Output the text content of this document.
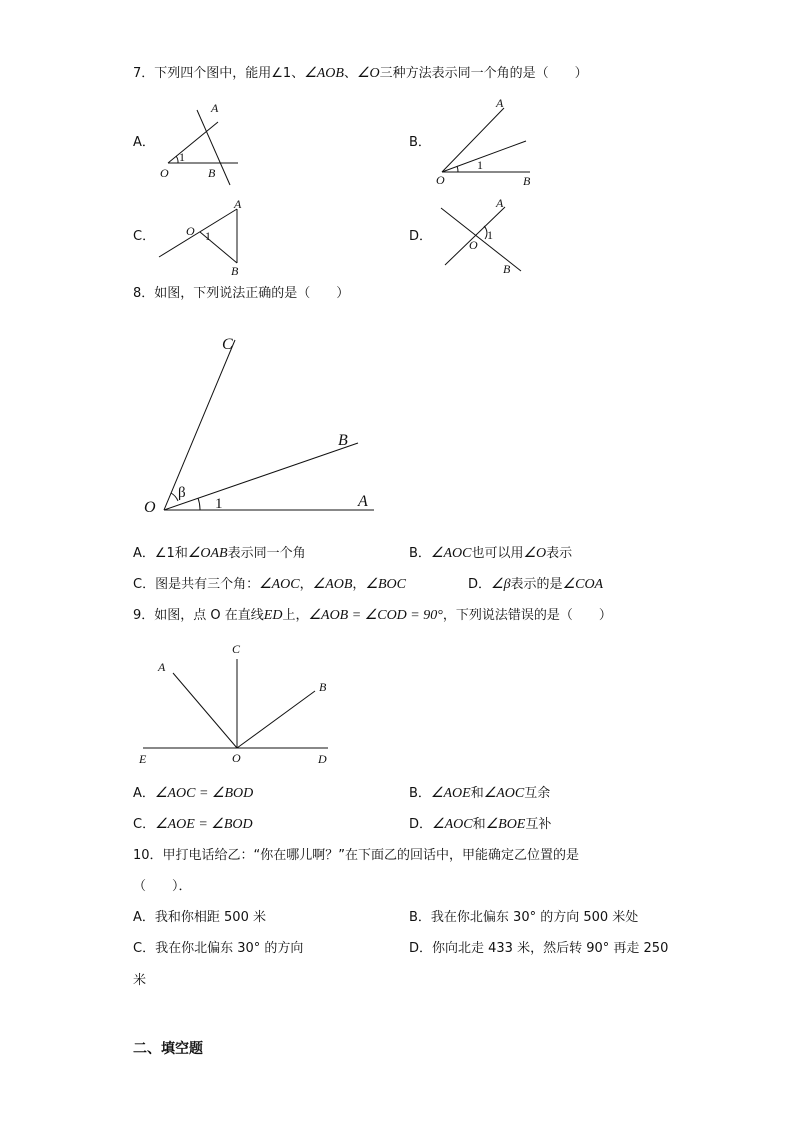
7．下列四个图中，能用∠1、∠AOB、∠O三种方法表示同一个角的是（　　）
A．
A
1
O	B
B．
A
1
O	B
C．
A
O 1
B
D．
A
1
O
B
8．如图，下列说法正确的是（　　）
C
B
O	A
β
1
A．∠1和∠OAB表示同一个角	B．∠AOC也可以用∠O表示
C．图是共有三个角：∠AOC，∠AOB，∠BOC	D．∠β表示的是∠COA
9．如图，点 O 在直线ED上，∠AOB = ∠COD = 90°，下列说法错误的是（　　）
A
C
B
E	O	D
A．∠AOC = ∠BOD	B．∠AOE和∠AOC互余
C．∠AOE = ∠BOD	D．∠AOC和∠BOE互补
10．甲打电话给乙：“你在哪儿啊？”在下面乙的回话中，甲能确定乙位置的是
（　　）．
A．我和你相距 500 米	B．我在你北偏东 30° 的方向 500 米处
C．我在你北偏东 30° 的方向	D．你向北走 433 米，然后转 90° 再走 250
米
二、填空题
